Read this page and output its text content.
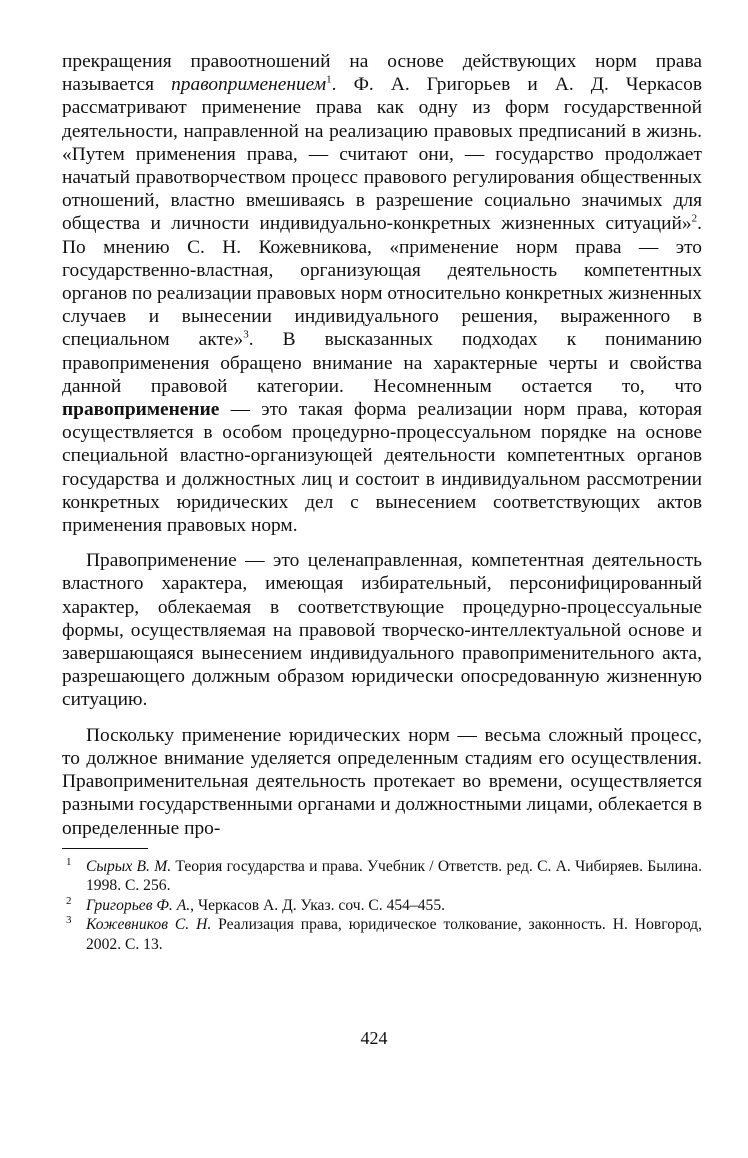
прекращения правоотношений на основе действующих норм права называется правоприменением$^1$. Ф. А. Григорьев и А. Д. Черкасов рассматривают применение права как одну из форм государственной деятельности, направленной на реализацию правовых предписаний в жизнь. «Путем применения права, — считают они, — государство продолжает начатый правотворчеством процесс правового регулирования общественных отношений, властно вмешиваясь в разрешение социально значимых для общества и личности индивидуально-конкретных жизненных ситуаций»$^2$. По мнению С. Н. Кожевникова, «применение норм права — это государственно-властная, организующая деятельность компетентных органов по реализации правовых норм относительно конкретных жизненных случаев и вынесении индивидуального решения, выраженного в специальном акте»$^3$. В высказанных подходах к пониманию правоприменения обращено внимание на характерные черты и свойства данной правовой категории. Несомненным остается то, что правоприменение — это такая форма реализации норм права, которая осуществляется в особом процедурно-процессуальном порядке на основе специальной властно-организующей деятельности компетентных органов государства и должностных лиц и состоит в индивидуальном рассмотрении конкретных юридических дел с вынесением соответствующих актов применения правовых норм.

Правоприменение — это целенаправленная, компетентная деятельность властного характера, имеющая избирательный, персонифицированный характер, облекаемая в соответствующие процедурно-процессуальные формы, осуществляемая на правовой творческо-интеллектуальной основе и завершающаяся вынесением индивидуального правоприменительного акта, разрешающего должным образом юридически опосредованную жизненную ситуацию.

Поскольку применение юридических норм — весьма сложный процесс, то должное внимание уделяется определенным стадиям его осуществления. Правоприменительная деятельность протекает во времени, осуществляется разными государственными органами и должностными лицами, облекается в определенные про-

1 Сырых В. М. Теория государства и права. Учебник / Ответств. ред. С. А. Чибиряев. Былина. 1998. С. 256.
2 Григорьев Ф. А., Черкасов А. Д. Указ. соч. С. 454–455.
3 Кожевников С. Н. Реализация права, юридическое толкование, законность. Н. Новгород, 2002. С. 13.
424
